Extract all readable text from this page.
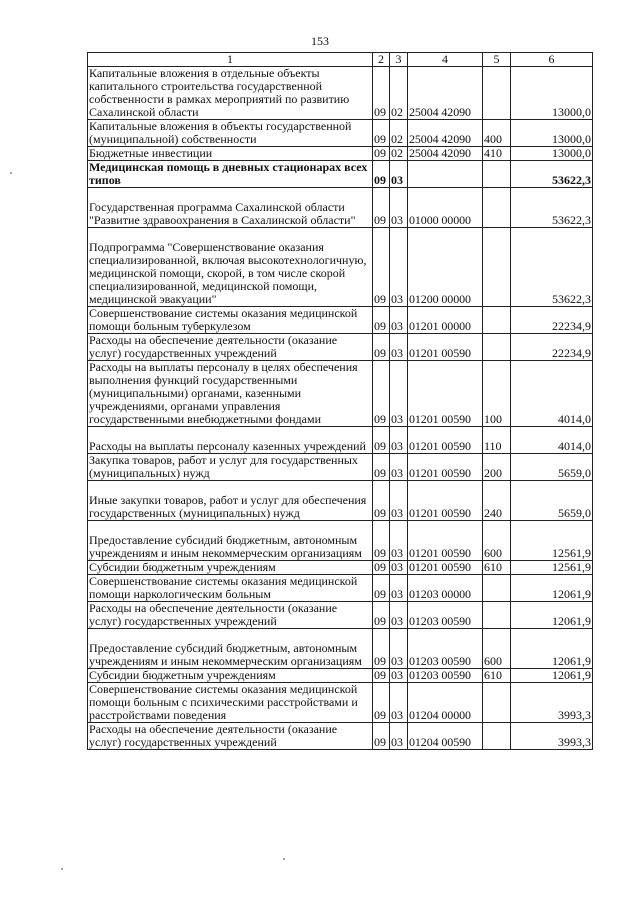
153
1	2	3	4	5	6
Капитальные вложения в отдельные объекты капитального строительства государственной собственности в рамках мероприятий по развитию Сахалинской области	09	02	25004 42090		13000,0
Капитальные вложения в объекты государственной (муниципальной) собственности	09	02	25004 42090	400	13000,0
Бюджетные инвестиции	09	02	25004 42090	410	13000,0
Медицинская помощь в дневных стационарах всех типов	09	03			53622,3
Государственная программа Сахалинской области "Развитие здравоохранения в Сахалинской области"	09	03	01000 00000		53622,3
Подпрограмма "Совершенствование оказания специализированной, включая высокотехнологичную, медицинской помощи, скорой, в том числе скорой специализированной, медицинской помощи, медицинской эвакуации"	09	03	01200 00000		53622,3
Совершенствование системы оказания медицинской помощи больным туберкулезом	09	03	01201 00000		22234,9
Расходы на обеспечение деятельности (оказание услуг) государственных учреждений	09	03	01201 00590		22234,9
Расходы на выплаты персоналу в целях обеспечения выполнения функций государственными (муниципальными) органами, казенными учреждениями, органами управления государственными внебюджетными фондами	09	03	01201 00590	100	4014,0
Расходы на выплаты персоналу казенных учреждений	09	03	01201 00590	110	4014,0
Закупка товаров, работ и услуг для государственных (муниципальных) нужд	09	03	01201 00590	200	5659,0
Иные закупки товаров, работ и услуг для обеспечения государственных (муниципальных) нужд	09	03	01201 00590	240	5659,0
Предоставление субсидий бюджетным, автономным учреждениям и иным некоммерческим организациям	09	03	01201 00590	600	12561,9
Субсидии бюджетным учреждениям	09	03	01201 00590	610	12561,9
Совершенствование системы оказания медицинской помощи наркологическим больным	09	03	01203 00000		12061,9
Расходы на обеспечение деятельности (оказание услуг) государственных учреждений	09	03	01203 00590		12061,9
Предоставление субсидий бюджетным, автономным учреждениям и иным некоммерческим организациям	09	03	01203 00590	600	12061,9
Субсидии бюджетным учреждениям	09	03	01203 00590	610	12061,9
Совершенствование системы оказания медицинской помощи больным с психическими расстройствами и расстройствами поведения	09	03	01204 00000		3993,3
Расходы на обеспечение деятельности (оказание услуг) государственных учреждений	09	03	01204 00590		3993,3
